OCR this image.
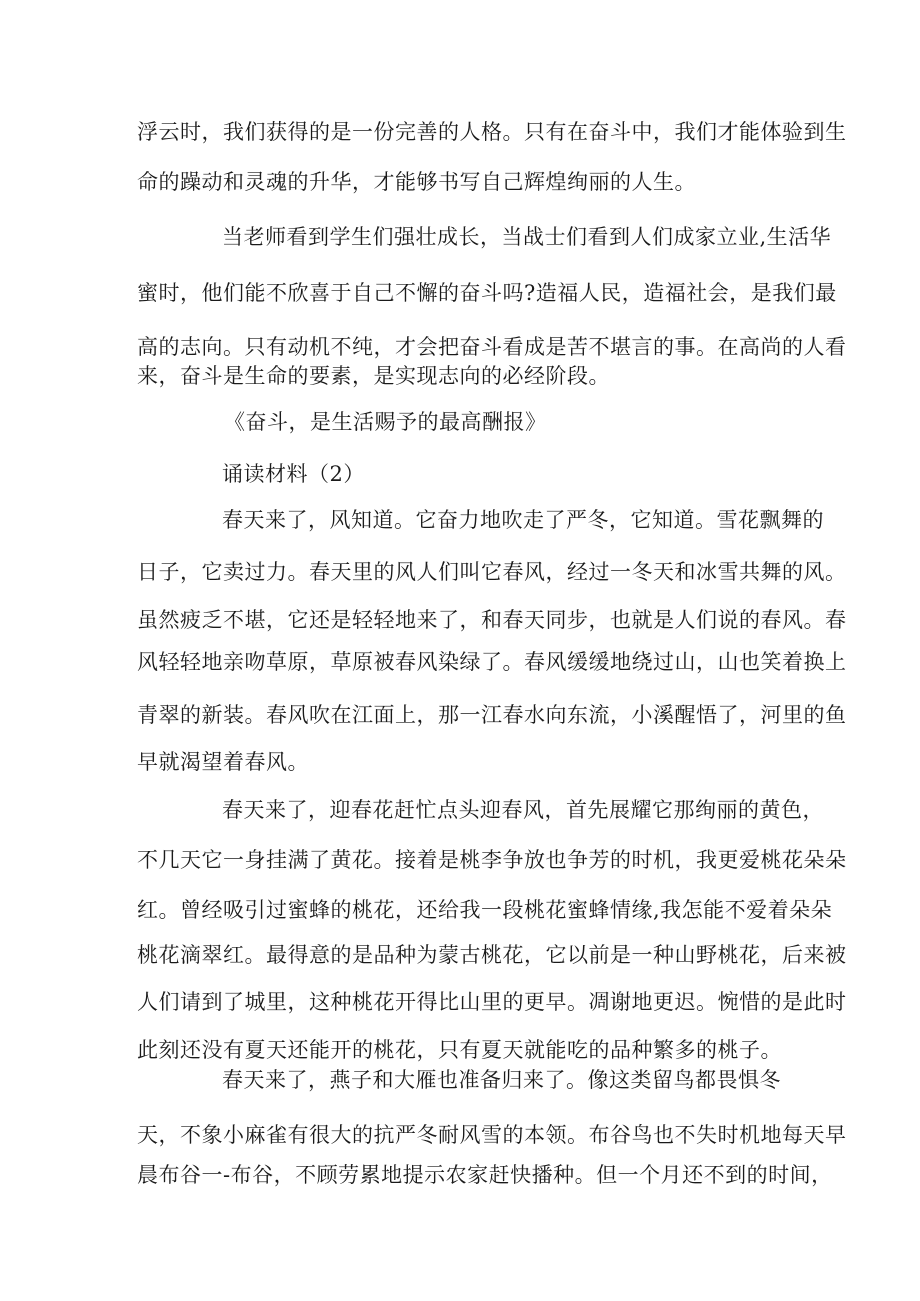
浮云时，我们获得的是一份完善的人格。只有在奋斗中，我们才能体验到生
命的躁动和灵魂的升华，才能够书写自己辉煌绚丽的人生。
当老师看到学生们强壮成长，当战士们看到人们成家立业,生活华
蜜时，他们能不欣喜于自己不懈的奋斗吗?造福人民，造福社会，是我们最
高的志向。只有动机不纯，才会把奋斗看成是苦不堪言的事。在高尚的人看
来，奋斗是生命的要素，是实现志向的必经阶段。
《奋斗，是生活赐予的最高酬报》
诵读材料（2）
春天来了，风知道。它奋力地吹走了严冬，它知道。雪花飘舞的
日子，它卖过力。春天里的风人们叫它春风，经过一冬天和冰雪共舞的风。
虽然疲乏不堪，它还是轻轻地来了，和春天同步，也就是人们说的春风。春
风轻轻地亲吻草原，草原被春风染绿了。春风缓缓地绕过山，山也笑着换上
青翠的新装。春风吹在江面上，那一江春水向东流，小溪醒悟了，河里的鱼
早就渴望着春风。
春天来了，迎春花赶忙点头迎春风，首先展耀它那绚丽的黄色，
不几天它一身挂满了黄花。接着是桃李争放也争芳的时机，我更爱桃花朵朵
红。曾经吸引过蜜蜂的桃花，还给我一段桃花蜜蜂情缘,我怎能不爱着朵朵
桃花滴翠红。最得意的是品种为蒙古桃花，它以前是一种山野桃花，后来被
人们请到了城里，这种桃花开得比山里的更早。凋谢地更迟。惋惜的是此时
此刻还没有夏天还能开的桃花，只有夏天就能吃的品种繁多的桃子。
春天来了，燕子和大雁也准备归来了。像这类留鸟都畏惧冬
天，不象小麻雀有很大的抗严冬耐风雪的本领。布谷鸟也不失时机地每天早
晨布谷一-布谷，不顾劳累地提示农家赶快播种。但一个月还不到的时间，
